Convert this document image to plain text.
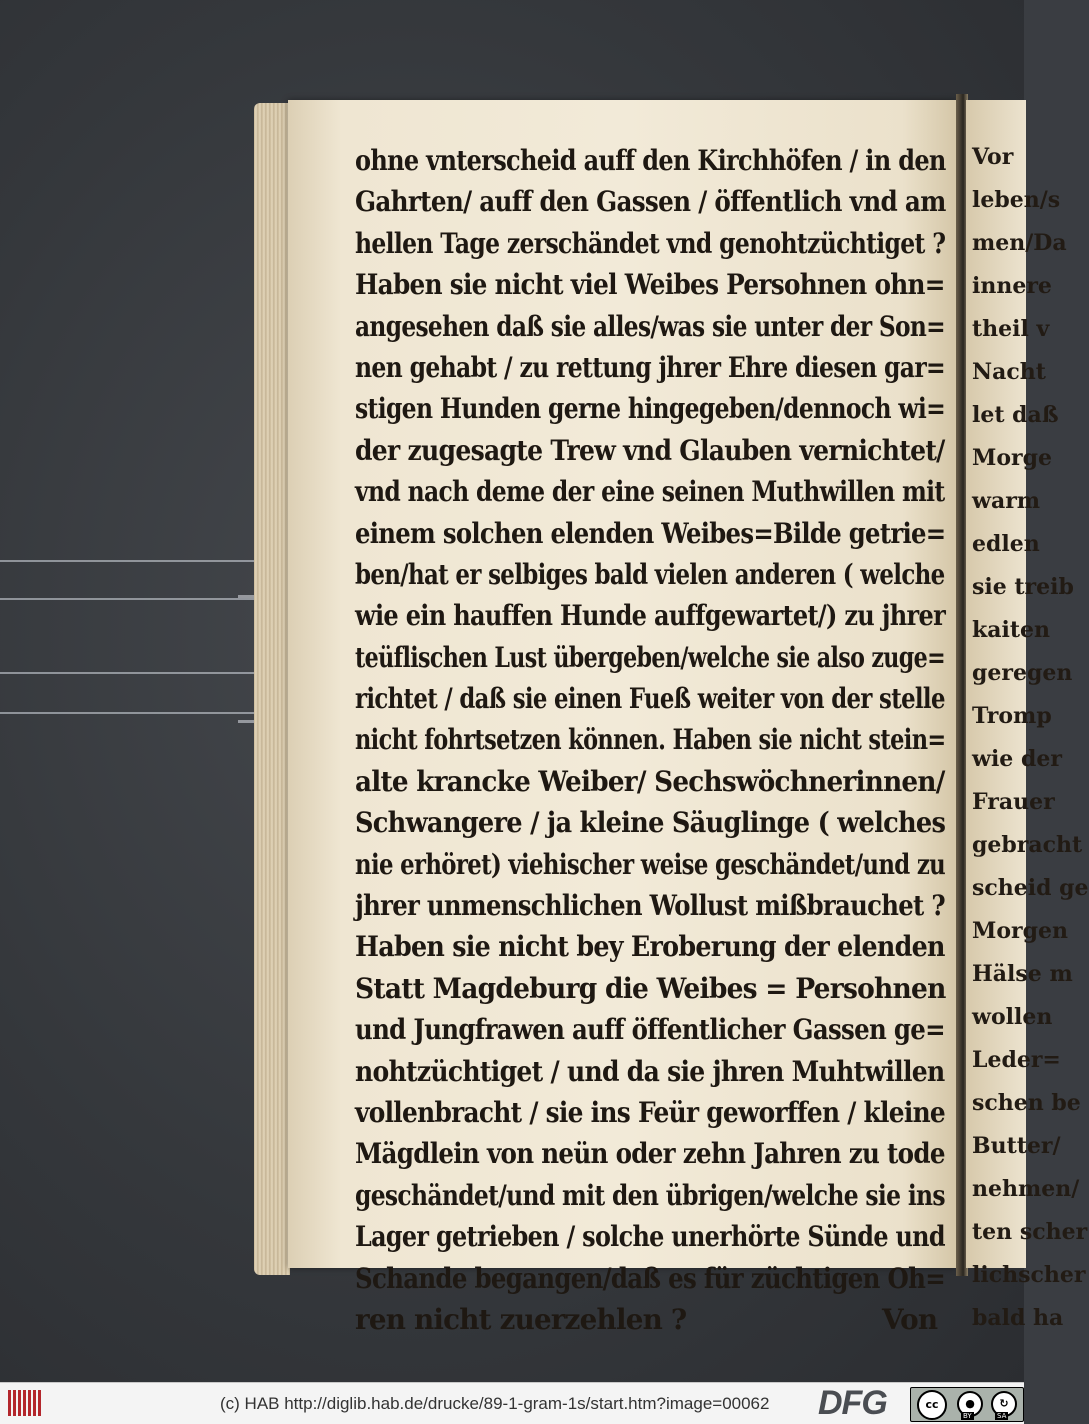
Vor
leben/s
men/Da
innere
theil v
Nacht
let daß
Morge
warm
edlen
sie treib
kaiten
geregen
Tromp
wie der
Frauer
gebracht
scheid ge
Morgen
Hälse m
wollen
Leder=
schen be
Butter/
nehmen/
ten scher
lichscher
bald ha
ohne vnterscheid auff den Kirchhöfen / in den
Gahrten/ auff den Gassen / öffentlich vnd am
hellen Tage zerschändet vnd genohtzüchtiget ?
Haben sie nicht viel Weibes Persohnen ohn=
angesehen daß sie alles/was sie unter der Son=
nen gehabt / zu rettung jhrer Ehre diesen gar=
stigen Hunden gerne hingegeben/dennoch wi=
der zugesagte Trew vnd Glauben vernichtet/
vnd nach deme der eine seinen Muthwillen mit
einem solchen elenden Weibes=Bilde getrie=
ben/hat er selbiges bald vielen anderen ( welche
wie ein hauffen Hunde auffgewartet/) zu jhrer
teüflischen Lust übergeben/welche sie also zuge=
richtet / daß sie einen Fueß weiter von der stelle
nicht fohrtsetzen können. Haben sie nicht stein=
alte krancke Weiber/ Sechswöchnerinnen/
Schwangere / ja kleine Säuglinge ( welches
nie erhöret) viehischer weise geschändet/und zu
jhrer unmenschlichen Wollust mißbrauchet ?
Haben sie nicht bey Eroberung der elenden
Statt Magdeburg die Weibes = Persohnen
und Jungfrawen auff öffentlicher Gassen ge=
nohtzüchtiget / und da sie jhren Muhtwillen
vollenbracht / sie ins Feür geworffen / kleine
Mägdlein von neün oder zehn Jahren zu tode
geschändet/und mit den übrigen/welche sie ins
Lager getrieben / solche unerhörte Sünde und
Schande begangen/daß es für züchtigen Oh=
ren nicht zuerzehlen ?	Von
(c) HAB http://diglib.hab.de/drucke/89-1-gram-1s/start.htm?image=00062 DFG	cc	●	↻
BY	SA
